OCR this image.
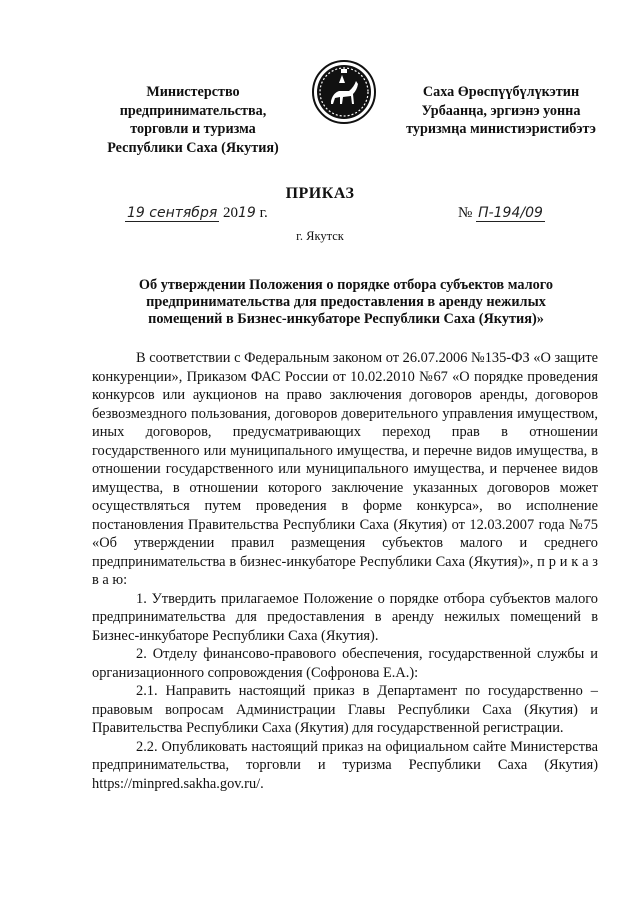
Министерство
предпринимательства,
торговли и туризма
Республики Саха (Якутия)
Саха Өрөспүүбүлүкэтин
Урбаанңа, эргиэнэ уонна
туризмңа министиэристибэтэ
ПРИКАЗ
19 сентября 2019 г.	№ П-194/09
г. Якутск
Об утверждении Положения о порядке отбора субъектов малого предпринимательства для предоставления в аренду нежилых помещений в Бизнес-инкубаторе Республики Саха (Якутия)»

В соответствии с Федеральным законом от 26.07.2006 №135-ФЗ «О защите конкуренции», Приказом ФАС России от 10.02.2010 №67 «О порядке проведения конкурсов или аукционов на право заключения договоров аренды, договоров безвозмездного пользования, договоров доверительного управления имуществом, иных договоров, предусматривающих переход прав в отношении государственного или муниципального имущества, и перечне видов имущества, в отношении государственного или муниципального имущества, и перченее видов имущества, в отношении которого заключение указанных договоров может осуществляться путем проведения в форме конкурса», во исполнение постановления Правительства Республики Саха (Якутия) от 12.03.2007 года №75 «Об утверждении правил размещения субъектов малого и среднего предпринимательства в бизнес-инкубаторе Республики Саха (Якутия)», п р и к а з в а ю:

1. Утвердить прилагаемое Положение о порядке отбора субъектов малого предпринимательства для предоставления в аренду нежилых помещений в Бизнес-инкубаторе Республики Саха (Якутия).

2. Отделу финансово-правового обеспечения, государственной службы и организационного сопровождения (Софронова Е.А.):

2.1. Направить настоящий приказ в Департамент по государственно – правовым вопросам Администрации Главы Республики Саха (Якутия) и Правительства Республики Саха (Якутия) для государственной регистрации.

2.2. Опубликовать настоящий приказ на официальном сайте Министерства предпринимательства, торговли и туризма Республики Саха (Якутия) https://minpred.sakha.gov.ru/.
